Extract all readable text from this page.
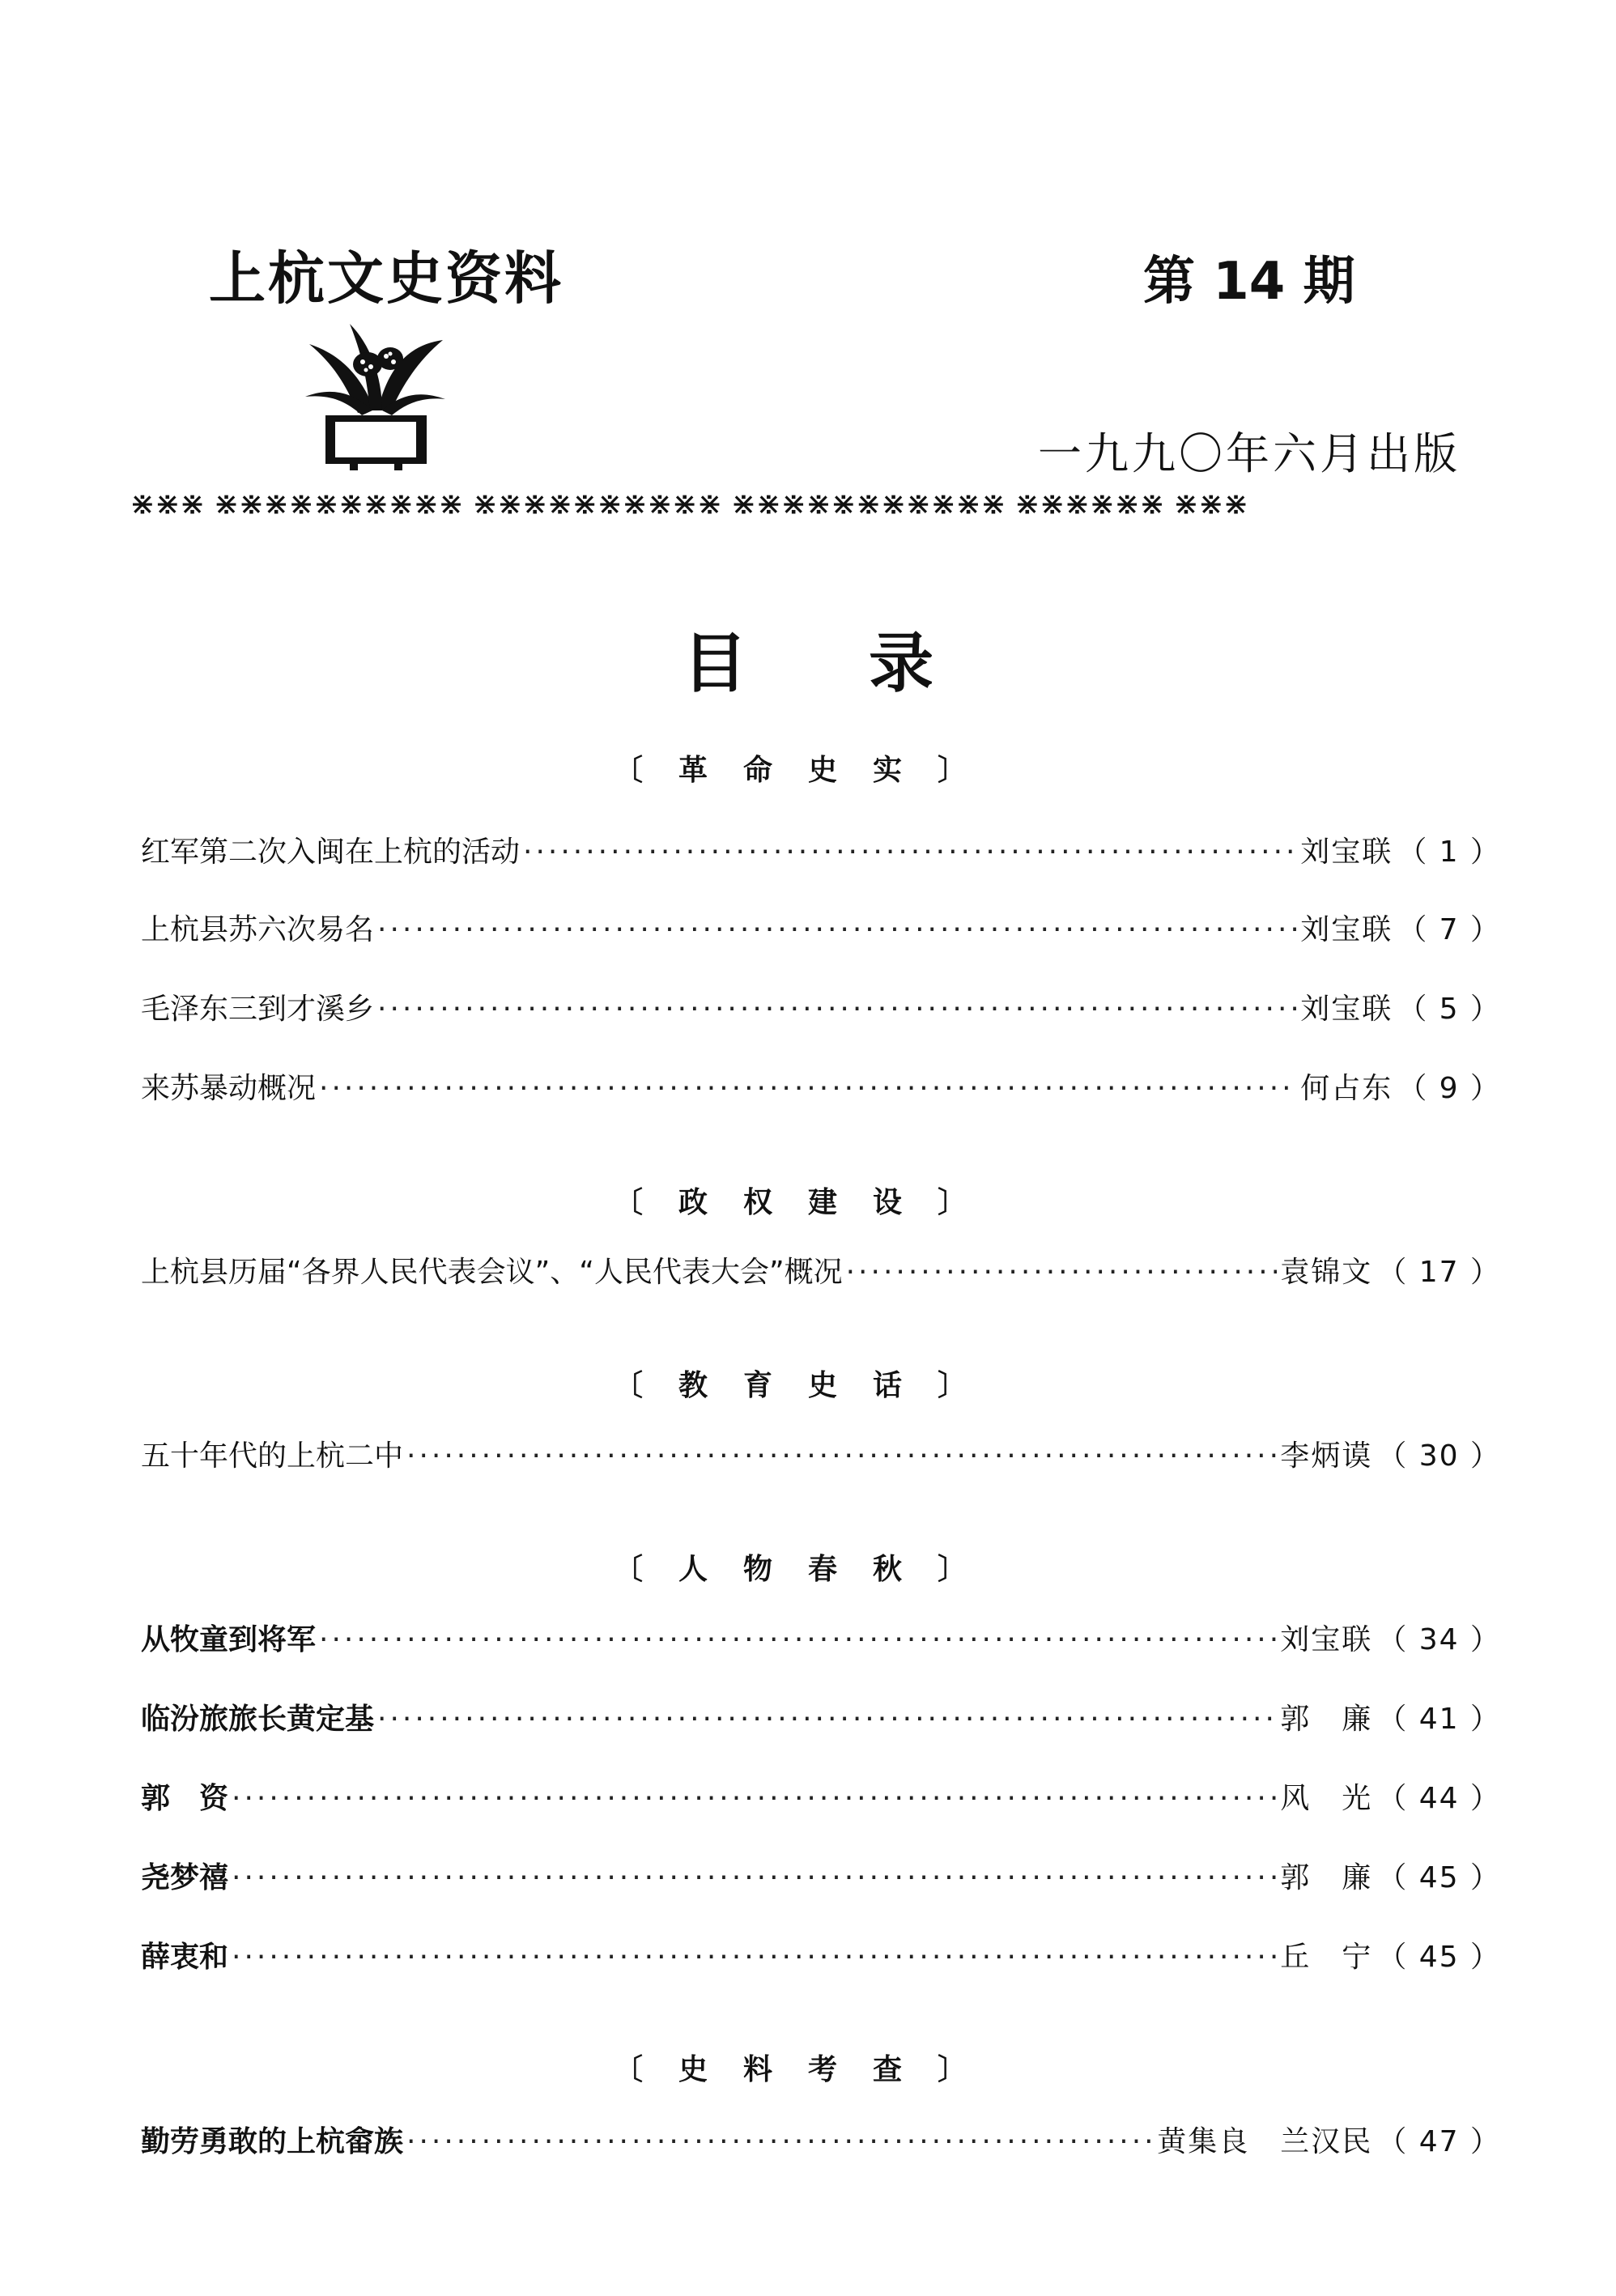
上杭文史资料	第 14 期
一九九〇年六月出版
⋇⋇⋇ ⋇⋇⋇⋇⋇⋇⋇⋇⋇⋇ ⋇⋇⋇⋇⋇⋇⋇⋇⋇⋇ ⋇⋇⋇⋇⋇⋇⋇⋇⋇⋇⋇ ⋇⋇⋇⋇⋇⋇ ⋇⋇⋇
目录
〔革命史实〕
红军第二次入闽在上杭的活动 ·····	刘宝联 （ 1 ）
上杭县苏六次易名 ·····	刘宝联 （ 7 ）
毛泽东三到才溪乡 ·····	刘宝联 （ 5 ）
来苏暴动概况 ·····	何占东 （ 9 ）
〔政权建设〕
上杭县历届“各界人民代表会议”、“人民代表大会”概况 ·····	袁锦文 （ 17 ）
〔教育史话〕
五十年代的上杭二中 ·····	李炳谟 （ 30 ）
〔人物春秋〕
从牧童到将军 ·····	刘宝联 （ 34 ）
临汾旅旅长黄定基 ·····	郭　廉 （ 41 ）
郭　资 ·····	风　光 （ 44 ）
尧梦禧 ·····	郭　廉 （ 45 ）
薛衷和 ·····	丘　宁 （ 45 ）
〔史料考查〕
勤劳勇敢的上杭畲族 ·····	黄集良　兰汉民 （ 47 ）
